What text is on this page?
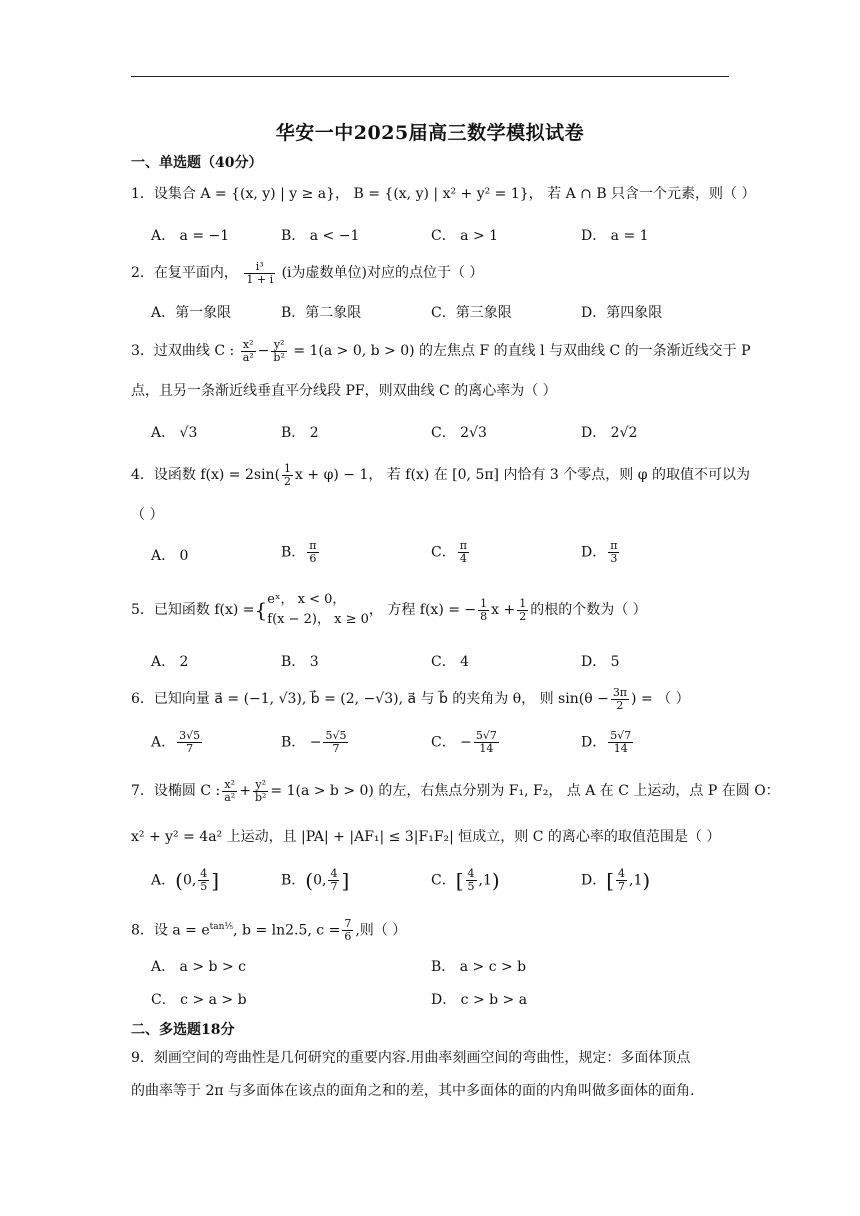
华安一中2025届高三数学模拟试卷
一、单选题（40分）
1．设集合 A = {(x, y) | y ≥ a}， B = {(x, y) | x² + y² = 1}， 若 A ∩ B 只含一个元素，则（ ）
A． a = −1	B． a < −1	C． a > 1	D． a = 1
2．在复平面内， $\frac{\text{i³}}{1 + i} (i$为虚数单位)对应的点位于（ ）
A．第一象限	B．第二象限	C．第三象限	D．第四象限
3．过双曲线 C : $\frac{\text{x²}}{\text{a²}} - \frac{\text{y²}}{\text{b²}} = 1(a > 0$, b > 0) 的左焦点 F 的直线 l 与双曲线 C 的一条渐近线交于 P
点，且另一条渐近线垂直平分线段 PF，则双曲线 C 的离心率为（ ）
A． √3	B． 2	C． 2√3	D． 2√2
4．设函数 $f(x) = 2\sin( \frac{1}{2}$ x + φ) − 1， 若 f(x) 在 [0, 5π] 内恰有 3 个零点，则 φ 的取值不可以为
（ ）
A． 0	B． $\frac{\pi}{6}$	C． $\frac{\pi}{4}$	D． $\frac{\pi}{3}$
5．已知函数 f(x) ={ eˣ， x < 0，
f(x − 2)， x ≥ 0
， 方程 f(x) = − $\frac{1}{8}$ $x + \frac{1}{2}$ 的根的个数为（ ）
A． 2	B． 3	C． 4	D． 5
6．已知向量 a⃗ = (−1, √3), b⃗ = (2, −√3), a⃗ 与 b⃗ 的夹角为 θ， 则 $\sin(\theta - \frac{3\pi}{2}$ ) = （ ）
A． $\frac{3√5}{7}$	B． − $\frac{5√5}{7}$	C． − $\frac{5√7}{14}$	D． $\frac{5√7}{14}$
7．设椭圆 C : $\frac{\text{x²}}{\text{a²}} + \frac{\text{y²}}{\text{b²}} = 1(a > b > 0)$ 的左，右焦点分别为 F₁, F₂， 点 A 在 C 上运动，点 P 在圆 O：
x² + y² = 4a² 上运动，且 |PA| + |AF₁| ≤ 3|F₁F₂| 恒成立，则 C 的离心率的取值范围是（ ）
A．(0, $\frac{4}{5}$ ]	B．(0, $\frac{4}{7}$ ]	C．[ $\frac{4}{5} ,1$)	D．[ $\frac{4}{7} ,1$)
8．设 $a = e^{tan\frac{1}{5}}$, b = ln2.5, $c = \frac{7}{6}$ ,则（ ）
A． a > b > c	B． a > c > b
C． c > a > b	D． c > b > a
二、多选题18分
9．刻画空间的弯曲性是几何研究的重要内容.用曲率刻画空间的弯曲性，规定：多面体顶点
的曲率等于 2π 与多面体在该点的面角之和的差，其中多面体的面的内角叫做多面体的面角.
